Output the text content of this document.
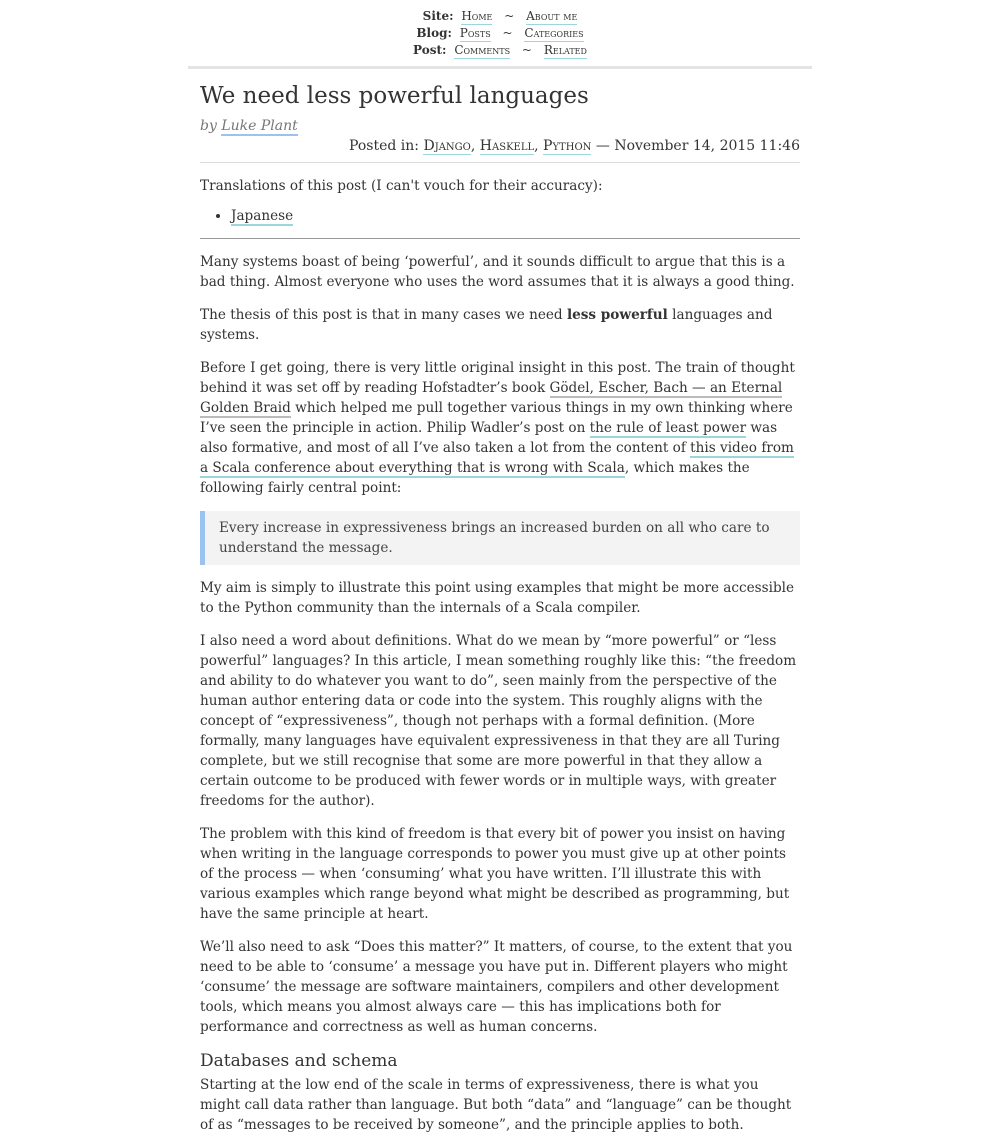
Site: Home ~ About me
Blog: Posts ~ Categories
Post: Comments ~ Related
We need less powerful languages
by Luke Plant
Posted in: Django, Haskell, Python — November 14, 2015 11:46

Translations of this post (I can't vouch for their accuracy):

• Japanese

Many systems boast of being ‘powerful’, and it sounds difficult to argue that this is a bad thing. Almost everyone who uses the word assumes that it is always a good thing.

The thesis of this post is that in many cases we need less powerful languages and systems.

Before I get going, there is very little original insight in this post. The train of thought behind it was set off by reading Hofstadter’s book Gödel, Escher, Bach — an Eternal Golden Braid which helped me pull together various things in my own thinking where I’ve seen the principle in action. Philip Wadler’s post on the rule of least power was also formative, and most of all I’ve also taken a lot from the content of this video from a Scala conference about everything that is wrong with Scala, which makes the following fairly central point:

Every increase in expressiveness brings an increased burden on all who care to understand the message.

My aim is simply to illustrate this point using examples that might be more accessible to the Python community than the internals of a Scala compiler.

I also need a word about definitions. What do we mean by “more powerful” or “less powerful” languages? In this article, I mean something roughly like this: “the freedom and ability to do whatever you want to do”, seen mainly from the perspective of the human author entering data or code into the system. This roughly aligns with the concept of “expressiveness”, though not perhaps with a formal definition. (More formally, many languages have equivalent expressiveness in that they are all Turing complete, but we still recognise that some are more powerful in that they allow a certain outcome to be produced with fewer words or in multiple ways, with greater freedoms for the author).

The problem with this kind of freedom is that every bit of power you insist on having when writing in the language corresponds to power you must give up at other points of the process — when ‘consuming’ what you have written. I’ll illustrate this with various examples which range beyond what might be described as programming, but have the same principle at heart.

We’ll also need to ask “Does this matter?” It matters, of course, to the extent that you need to be able to ‘consume’ a message you have put in. Different players who might ‘consume’ the message are software maintainers, compilers and other development tools, which means you almost always care — this has implications both for performance and correctness as well as human concerns.

Databases and schema

Starting at the low end of the scale in terms of expressiveness, there is what you might call data rather than language. But both “data” and “language” can be thought of as “messages to be received by someone”, and the principle applies to both.
